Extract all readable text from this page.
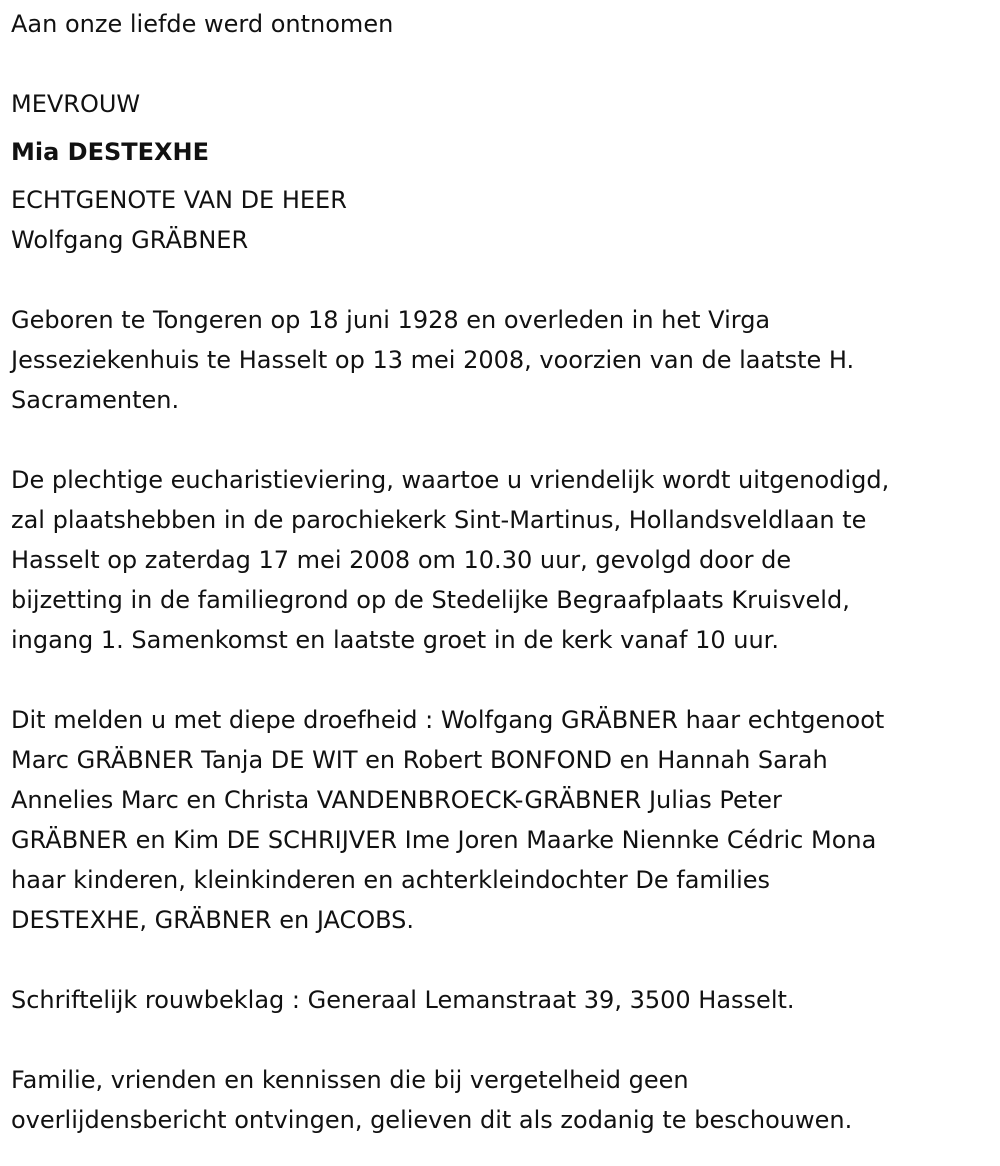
Aan onze liefde werd ontnomen
MEVROUW
Mia DESTEXHE
ECHTGENOTE VAN DE HEER
Wolfgang GRÄBNER
Geboren te Tongeren op 18 juni 1928 en overleden in het Virga
Jesseziekenhuis te Hasselt op 13 mei 2008, voorzien van de laatste H.
Sacramenten.
De plechtige eucharistieviering, waartoe u vriendelijk wordt uitgenodigd,
zal plaatshebben in de parochiekerk Sint-Martinus, Hollandsveldlaan te
Hasselt op zaterdag 17 mei 2008 om 10.30 uur, gevolgd door de
bijzetting in de familiegrond op de Stedelijke Begraafplaats Kruisveld,
ingang 1. Samenkomst en laatste groet in de kerk vanaf 10 uur.
Dit melden u met diepe droefheid : Wolfgang GRÄBNER haar echtgenoot
Marc GRÄBNER Tanja DE WIT en Robert BONFOND en Hannah Sarah
Annelies Marc en Christa VANDENBROECK-GRÄBNER Julias Peter
GRÄBNER en Kim DE SCHRIJVER Ime Joren Maarke Niennke Cédric Mona
haar kinderen, kleinkinderen en achterkleindochter De families
DESTEXHE, GRÄBNER en JACOBS.
Schriftelijk rouwbeklag : Generaal Lemanstraat 39, 3500 Hasselt.
Familie, vrienden en kennissen die bij vergetelheid geen
overlijdensbericht ontvingen, gelieven dit als zodanig te beschouwen.
